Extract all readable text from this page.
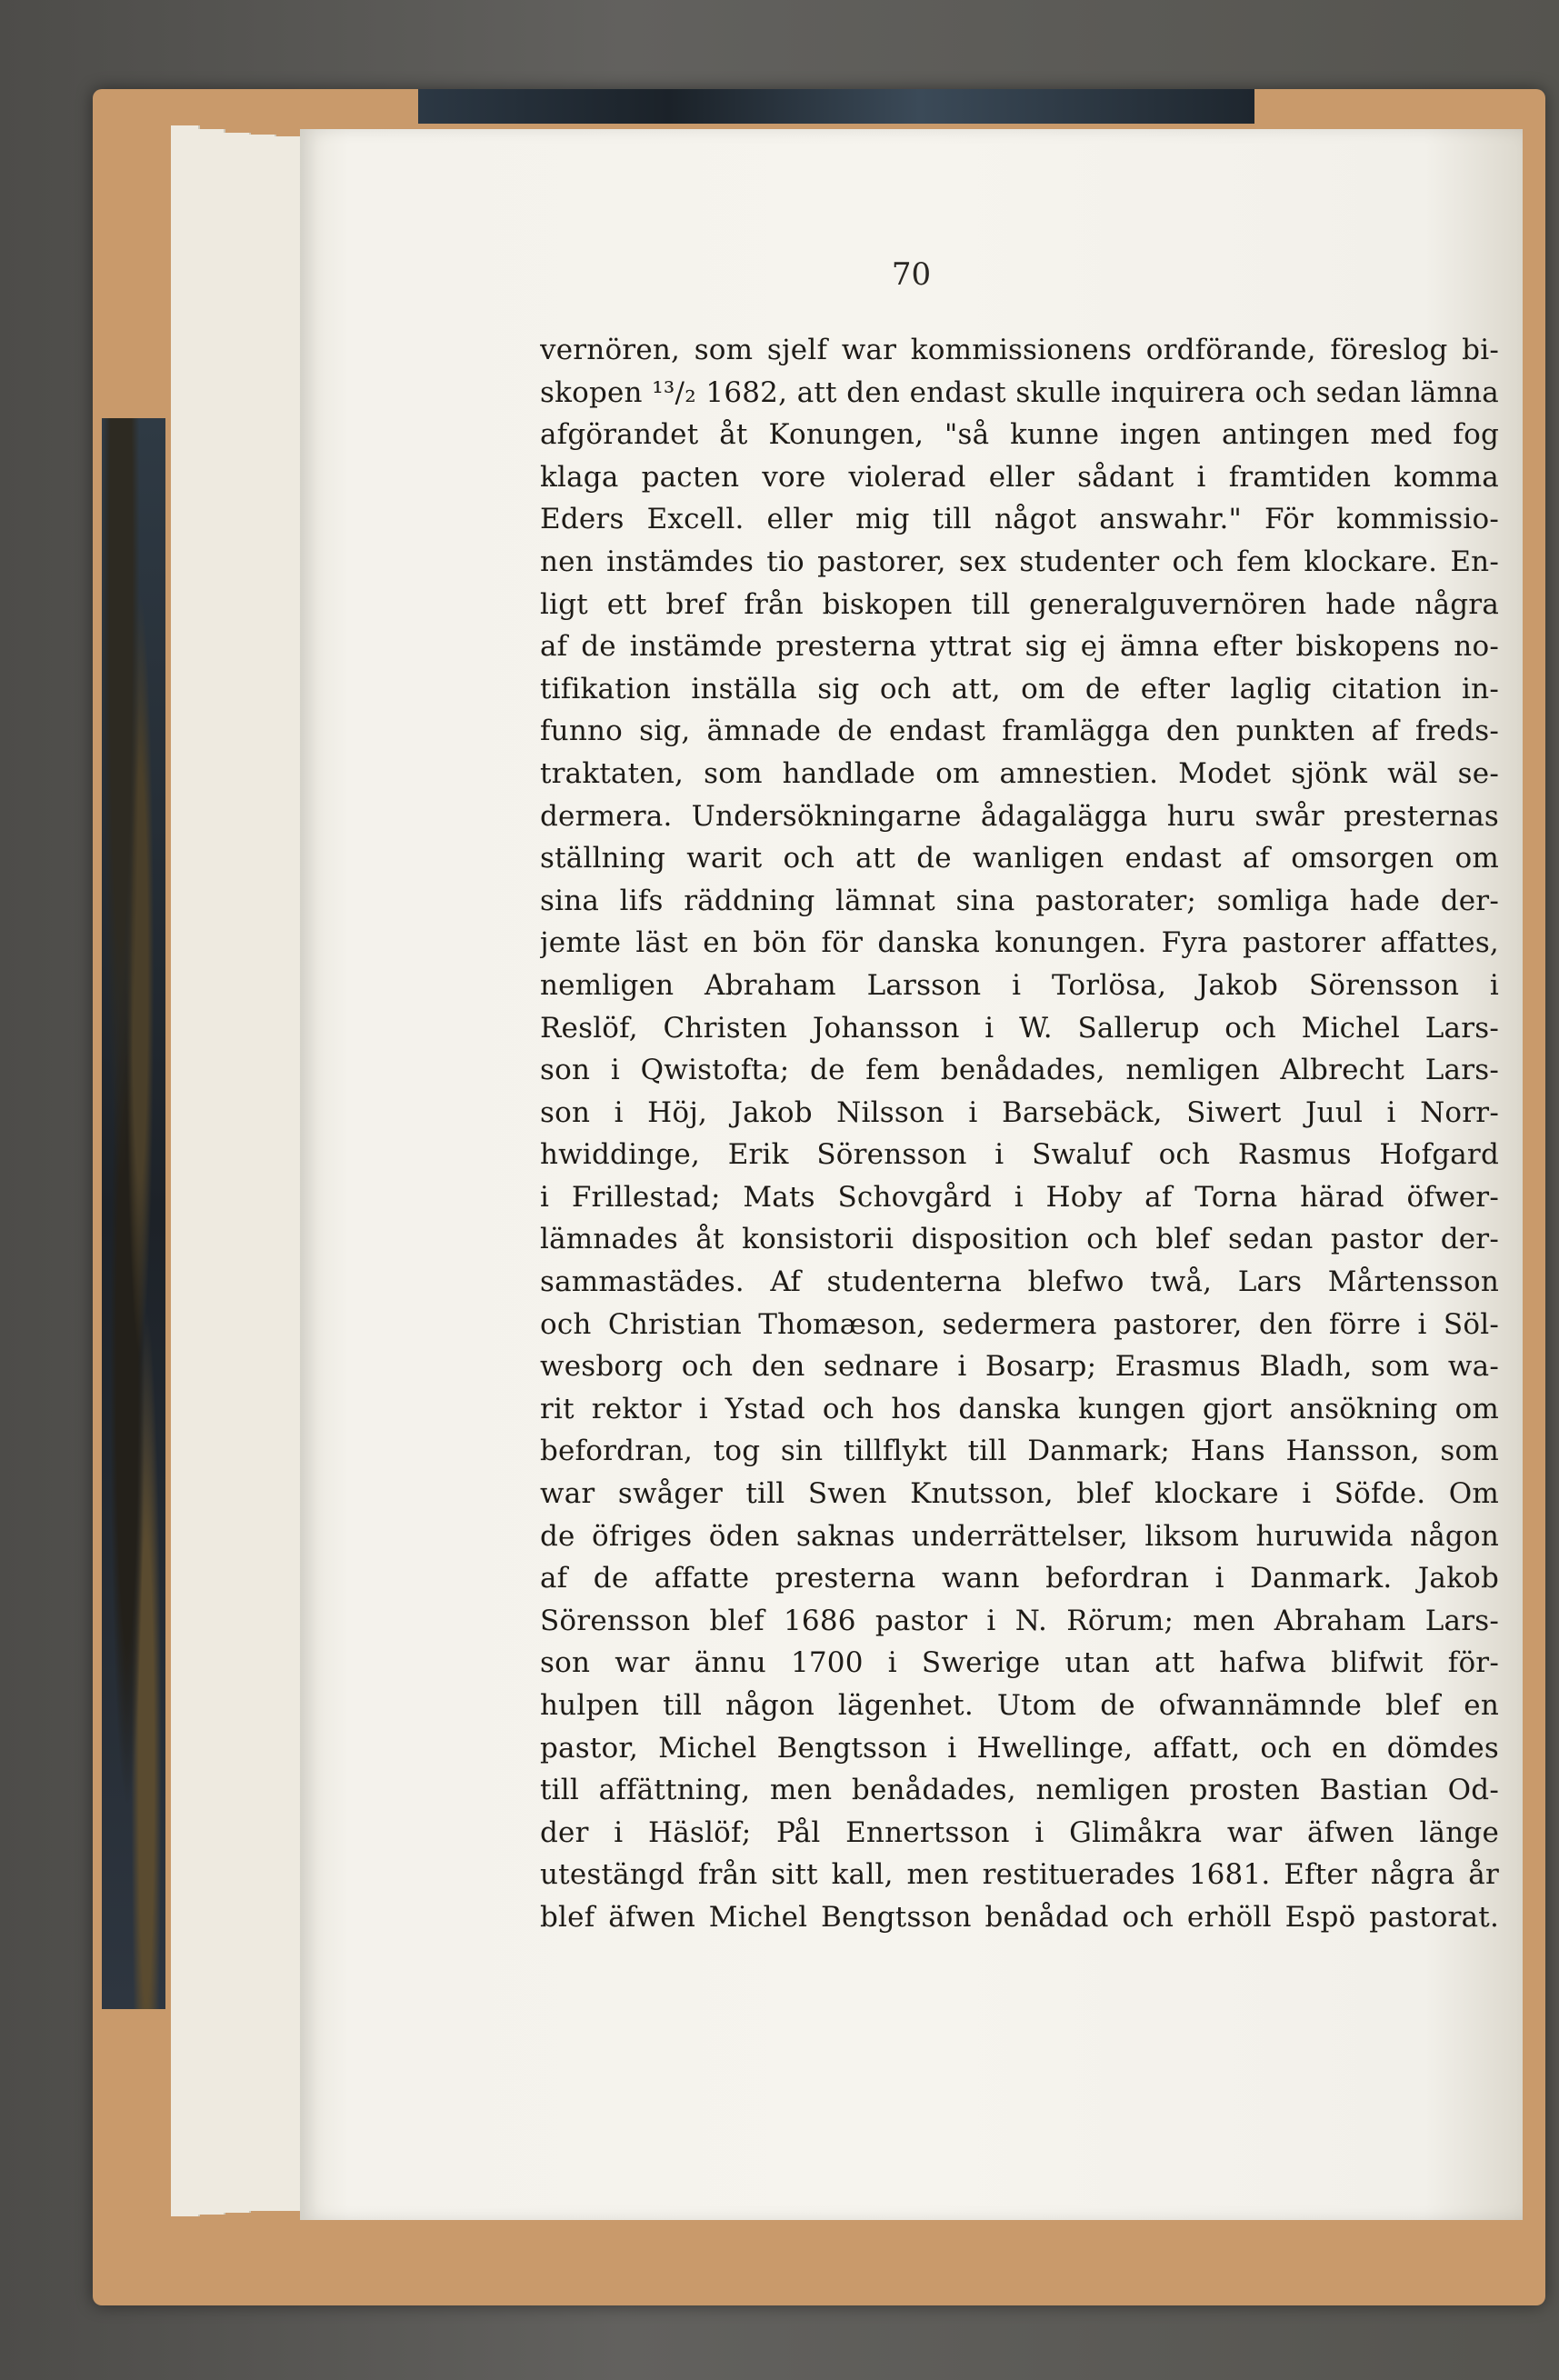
70
vernören, som sjelf war kommissionens ordförande, föreslog bi-
skopen ¹³/₂ 1682, att den endast skulle inquirera och sedan lämna
afgörandet åt Konungen, "så kunne ingen antingen med fog
klaga pacten vore violerad eller sådant i framtiden komma
Eders Excell. eller mig till något answahr." För kommissio-
nen instämdes tio pastorer, sex studenter och fem klockare. En-
ligt ett bref från biskopen till generalguvernören hade några
af de instämde presterna yttrat sig ej ämna efter biskopens no-
tifikation inställa sig och att, om de efter laglig citation in-
funno sig, ämnade de endast framlägga den punkten af freds-
traktaten, som handlade om amnestien. Modet sjönk wäl se-
dermera. Undersökningarne ådagalägga huru swår presternas
ställning warit och att de wanligen endast af omsorgen om
sina lifs räddning lämnat sina pastorater; somliga hade der-
jemte läst en bön för danska konungen. Fyra pastorer affattes,
nemligen Abraham Larsson i Torlösa, Jakob Sörensson i
Reslöf, Christen Johansson i W. Sallerup och Michel Lars-
son i Qwistofta; de fem benådades, nemligen Albrecht Lars-
son i Höj, Jakob Nilsson i Barsebäck, Siwert Juul i Norr-
hwiddinge, Erik Sörensson i Swaluf och Rasmus Hofgard
i Frillestad; Mats Schovgård i Hoby af Torna härad öfwer-
lämnades åt konsistorii disposition och blef sedan pastor der-
sammastädes. Af studenterna blefwo twå, Lars Mårtensson
och Christian Thomæson, sedermera pastorer, den förre i Söl-
wesborg och den sednare i Bosarp; Erasmus Bladh, som wa-
rit rektor i Ystad och hos danska kungen gjort ansökning om
befordran, tog sin tillflykt till Danmark; Hans Hansson, som
war swåger till Swen Knutsson, blef klockare i Söfde. Om
de öfriges öden saknas underrättelser, liksom huruwida någon
af de affatte presterna wann befordran i Danmark. Jakob
Sörensson blef 1686 pastor i N. Rörum; men Abraham Lars-
son war ännu 1700 i Swerige utan att hafwa blifwit för-
hulpen till någon lägenhet. Utom de ofwannämnde blef en
pastor, Michel Bengtsson i Hwellinge, affatt, och en dömdes
till affättning, men benådades, nemligen prosten Bastian Od-
der i Häslöf; Pål Ennertsson i Glimåkra war äfwen länge
utestängd från sitt kall, men restituerades 1681. Efter några år
blef äfwen Michel Bengtsson benådad och erhöll Espö pastorat.
